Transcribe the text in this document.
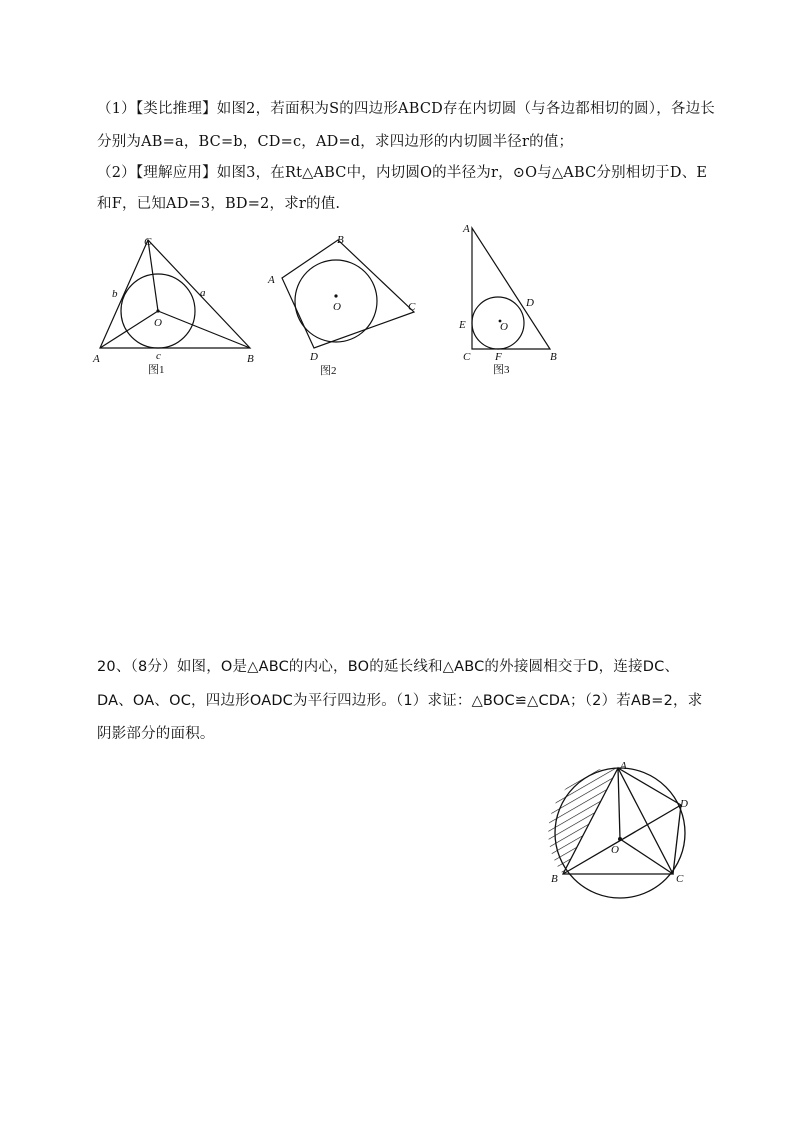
（1）【类比推理】如图2，若面积为S的四边形ABCD存在内切圆（与各边都相切的圆），各边长
分别为AB=a，BC=b，CD=c，AD=d，求四边形的内切圆半径r的值；
（2）【理解应用】如图3，在Rt△ABC中，内切圆O的半径为r，⊙O与△ABC分别相切于D、E
和F，已知AD=3，BD=2，求r的值.
C
A	B
O
a
b
c
图1
A
B
C
D
O
图2
A
B
C
D
E
F
O
图3
20、（8分）如图，O是△ABC的内心，BO的延长线和△ABC的外接圆相交于D，连接DC、
DA、OA、OC，四边形OADC为平行四边形。（1）求证：△BOC≌△CDA；（2）若AB=2，求
阴影部分的面积。
A
B	C
D
O
